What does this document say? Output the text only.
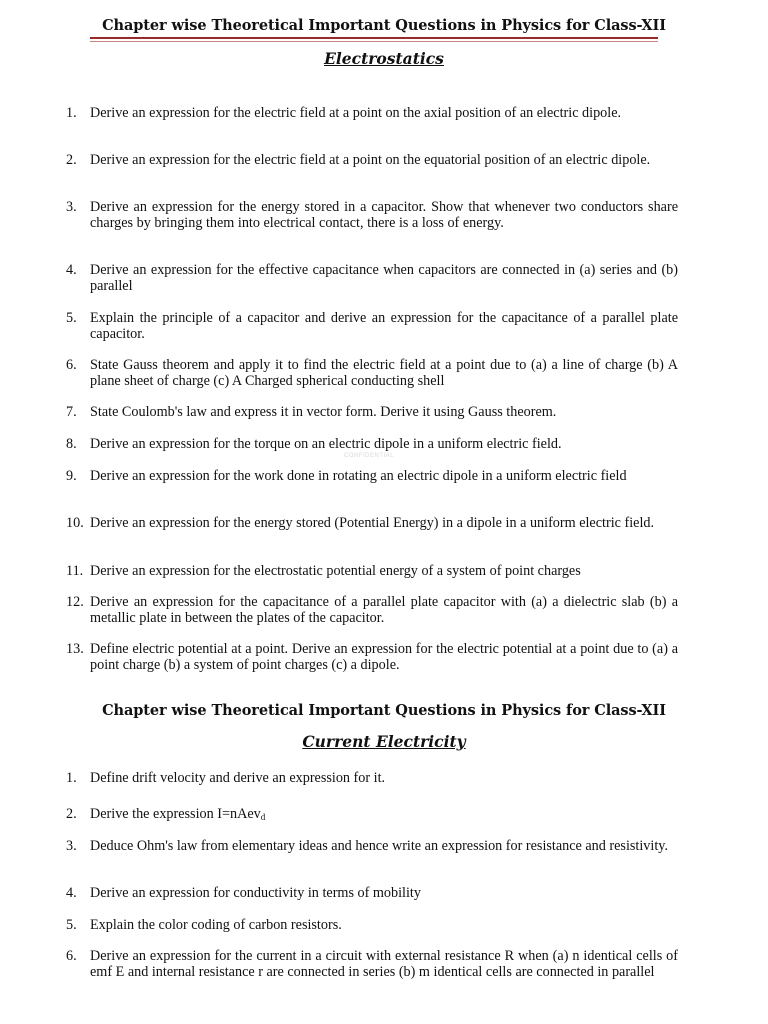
Chapter wise Theoretical Important Questions in Physics for Class-XII
Electrostatics
1. Derive an expression for the electric field at a point on the axial position of an electric dipole.
2. Derive an expression for the electric field at a point on the equatorial position of an electric dipole.
3. Derive an expression for the energy stored in a capacitor. Show that whenever two conductors share charges by bringing them into electrical contact, there is a loss of energy.
4. Derive an expression for the effective capacitance when capacitors are connected in (a) series and (b) parallel
5. Explain the principle of a capacitor and derive an expression for the capacitance of a parallel plate capacitor.
6. State Gauss theorem and apply it to find the electric field at a point due to (a) a line of charge (b) A plane sheet of charge (c) A Charged spherical conducting shell
7. State Coulomb's law and express it in vector form. Derive it using Gauss theorem.
8. Derive an expression for the torque on an electric dipole in a uniform electric field.
CONFIDENTIAL
9. Derive an expression for the work done in rotating an electric dipole in a uniform electric field
10. Derive an expression for the energy stored (Potential Energy) in a dipole in a uniform electric field.
11. Derive an expression for the electrostatic potential energy of a system of point charges
12. Derive an expression for the capacitance of a parallel plate capacitor with (a) a dielectric slab (b) a metallic plate in between the plates of the capacitor.
13. Define electric potential at a point. Derive an expression for the electric potential at a point due to (a) a point charge (b) a system of point charges (c) a dipole.
Chapter wise Theoretical Important Questions in Physics for Class-XII
Current Electricity
1. Define drift velocity and derive an expression for it.
2. Derive the expression I=nAev$_d$
3. Deduce Ohm's law from elementary ideas and hence write an expression for resistance and resistivity.
4. Derive an expression for conductivity in terms of mobility
5. Explain the color coding of carbon resistors.
6. Derive an expression for the current in a circuit with external resistance R when (a) n identical cells of emf E and internal resistance r are connected in series (b) m identical cells are connected in parallel
